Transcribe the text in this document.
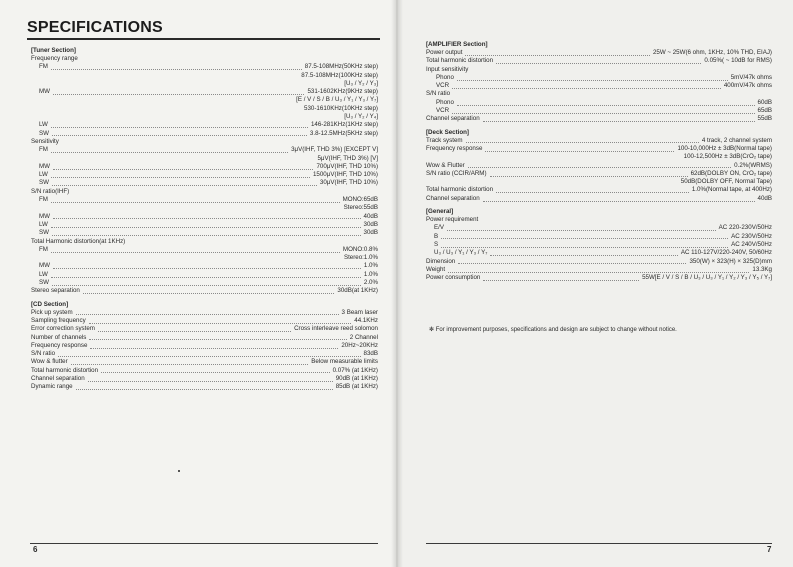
SPECIFICATIONS
[Tuner Section]
Frequency range
FM	87.5-108MHz(50KHz step)
87.5-108MHz(100KHz step)
[U₃ / Y₂ / Y₃]
MW	531-1602KHz(9KHz step)
[E / V / S / B / U₃ / Y₁ / Y₃ / Y₇]
530-1610KHz(10KHz step)
[U₃ / Y₂ / Y₄]
LW	146-281KHz(1KHz step)
SW	3.8-12.5MHz(5KHz step)
Sensitivity
FM	3μV(IHF, THD 3%) [EXCEPT V]
5μV(IHF, THD 3%) [V]
MW	700μV(IHF, THD 10%)
LW	1500μV(IHF, THD 10%)
SW	30μV(IHF, THD 10%)
S/N ratio(IHF)
FM	MONO:65dB
Stereo:55dB
MW	40dB
LW	30dB
SW	30dB
Total Harmonic distortion(at 1KHz)
FM	MONO:0.8%
Stereo:1.0%
MW	1.0%
LW	1.0%
SW	2.0%
Stereo separation	30dB(at 1KHz)
[CD Section]
Pick up system	3 Beam laser
Sampling frequency	44.1KHz
Error correction system	Cross interleave reed solomon
Number of channels	2 Channel
Frequency response	20Hz~20KHz
S/N ratio	83dB
Wow & flutter	Below measurable limits
Total harmonic distortion	0.07% (at 1KHz)
Channel separation	90dB (at 1KHz)
Dynamic range	85dB (at 1KHz)
6	7
[AMPLIFIER Section]
Power output	25W ~ 25W(6 ohm, 1KHz, 10% THD, EIAJ)
Total harmonic distortion	0.05%( ~ 10dB for RMS)
Input sensitivity
Phono	5mV/47k ohms
VCR	400mV/47k ohms
S/N ratio
Phono	60dB
VCR	65dB
Channel separation	55dB
[Deck Section]
Track system	4 track, 2 channel system
Frequency response	100-10,000Hz ± 3dB(Normal tape)
100-12,500Hz ± 3dB(CrO₂ tape)
Wow & Flutter	0.2%(WRMS)
S/N ratio (CCIR/ARM)	62dB(DOLBY ON, CrO₂ tape)
50dB(DOLBY OFF, Normal Tape)
Total harmonic distortion	1.0%(Normal tape, at 400Hz)
Channel separation	40dB
[General]
Power requirement
E/V	AC 220-230V/50Hz
B	AC 230V/50Hz
S	AC 240V/50Hz
U₃ / U₃ / Y₁ / Y₃ / Y₇	AC 110-127V/220-240V, 50/60Hz
Dimension	350(W) × 323(H) × 325(D)mm
Weight	13.3Kg
Power consumption	55W[E / V / S / B / U₃ / U₃ / Y₁ / Y₂ / Y₃ / Y₅ / Y₇]
✻ For improvement purposes, specifications and design are subject to change without notice.
